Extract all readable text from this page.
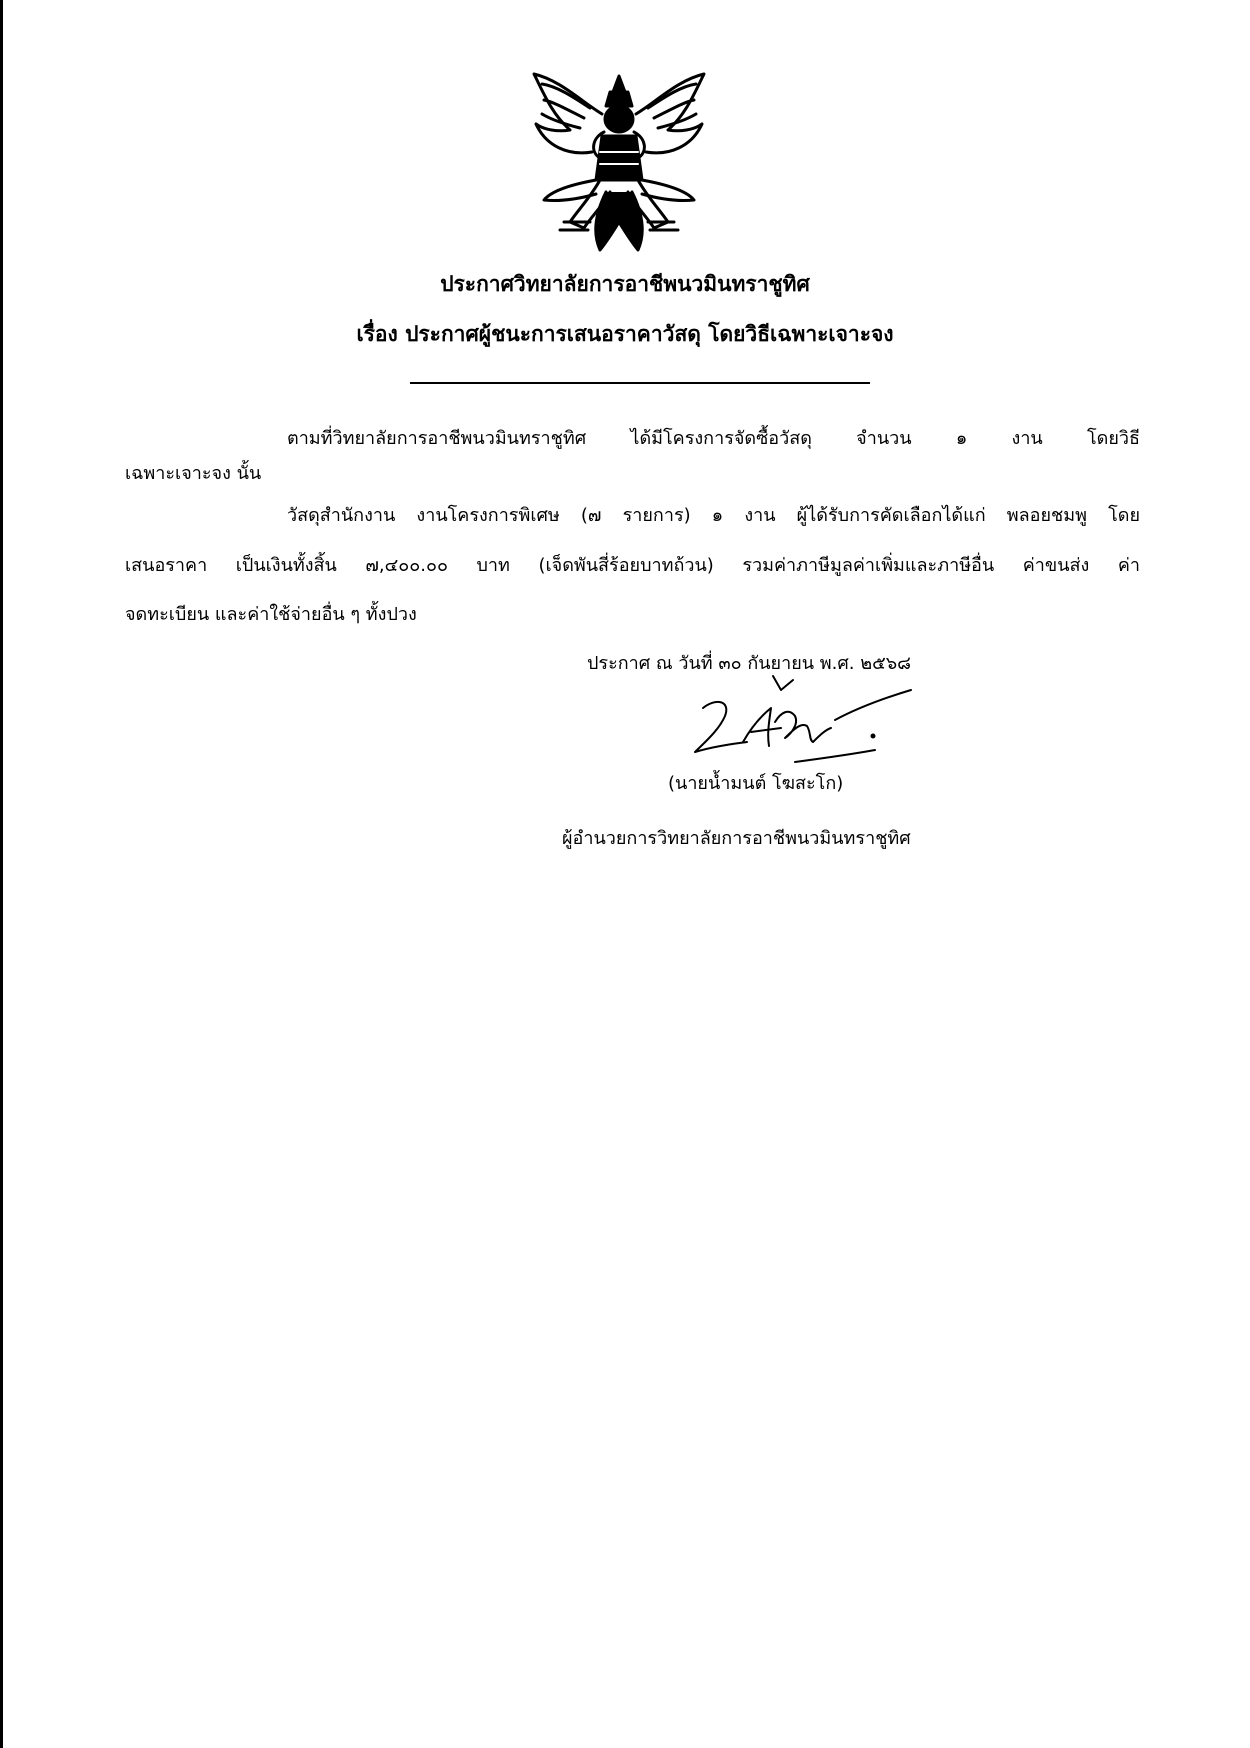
ประกาศวิทยาลัยการอาชีพนวมินทราชูทิศ
เรื่อง ประกาศผู้ชนะการเสนอราคาวัสดุ โดยวิธีเฉพาะเจาะจง
ตามที่วิทยาลัยการอาชีพนวมินทราชูทิศ ได้มีโครงการจัดซื้อวัสดุ จำนวน ๑ งาน โดยวิธี
เฉพาะเจาะจง นั้น
วัสดุสำนักงาน งานโครงการพิเศษ (๗ รายการ) ๑ งาน ผู้ได้รับการคัดเลือกได้แก่ พลอยชมพู โดย
เสนอราคา เป็นเงินทั้งสิ้น ๗,๔๐๐.๐๐ บาท (เจ็ดพันสี่ร้อยบาทถ้วน) รวมค่าภาษีมูลค่าเพิ่มและภาษีอื่น ค่าขนส่ง ค่า
จดทะเบียน และค่าใช้จ่ายอื่น ๆ ทั้งปวง
ประกาศ ณ วันที่ ๓๐ กันยายน พ.ศ. ๒๕๖๘
(นายน้ำมนต์ โฆสะโก)
ผู้อำนวยการวิทยาลัยการอาชีพนวมินทราชูทิศ
